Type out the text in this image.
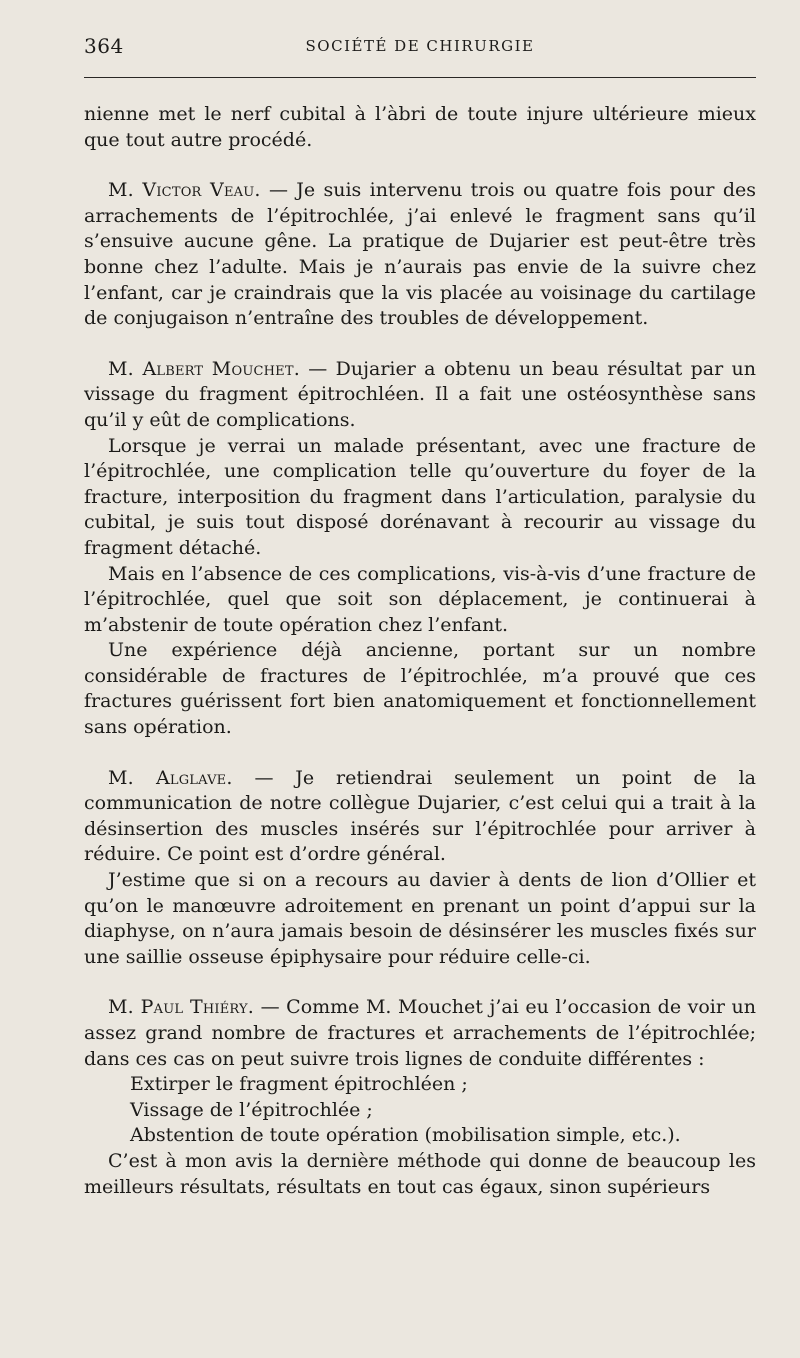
364	SOCIÉTÉ DE CHIRURGIE

nienne met le nerf cubital à l’àbri de toute injure ultérieure mieux que tout autre procédé.

M. Victor Veau. — Je suis intervenu trois ou quatre fois pour des arrachements de l’épitrochlée, j’ai enlevé le fragment sans qu’il s’ensuive aucune gêne. La pratique de Dujarier est peut-être très bonne chez l’adulte. Mais je n’aurais pas envie de la suivre chez l’enfant, car je craindrais que la vis placée au voisinage du cartilage de conjugaison n’entraîne des troubles de développement.

M. Albert Mouchet. — Dujarier a obtenu un beau résultat par un vissage du fragment épitrochléen. Il a fait une ostéosynthèse sans qu’il y eût de complications.

Lorsque je verrai un malade présentant, avec une fracture de l’épitrochlée, une complication telle qu’ouverture du foyer de la fracture, interposition du fragment dans l’articulation, paralysie du cubital, je suis tout disposé dorénavant à recourir au vissage du fragment détaché.

Mais en l’absence de ces complications, vis-à-vis d’une fracture de l’épitrochlée, quel que soit son déplacement, je continuerai à m’abstenir de toute opération chez l’enfant.

Une expérience déjà ancienne, portant sur un nombre considérable de fractures de l’épitrochlée, m’a prouvé que ces fractures guérissent fort bien anatomiquement et fonctionnellement sans opération.

M. Alglave. — Je retiendrai seulement un point de la communication de notre collègue Dujarier, c’est celui qui a trait à la désinsertion des muscles insérés sur l’épitrochlée pour arriver à réduire. Ce point est d’ordre général.

J’estime que si on a recours au davier à dents de lion d’Ollier et qu’on le manœuvre adroitement en prenant un point d’appui sur la diaphyse, on n’aura jamais besoin de désinsérer les muscles fixés sur une saillie osseuse épiphysaire pour réduire celle-ci.

M. Paul Thiéry. — Comme M. Mouchet j’ai eu l’occasion de voir un assez grand nombre de fractures et arrachements de l’épitrochlée; dans ces cas on peut suivre trois lignes de conduite différentes :

Extirper le fragment épitrochléen ;

Vissage de l’épitrochlée ;

Abstention de toute opération (mobilisation simple, etc.).

C’est à mon avis la dernière méthode qui donne de beaucoup les meilleurs résultats, résultats en tout cas égaux, sinon supérieurs
